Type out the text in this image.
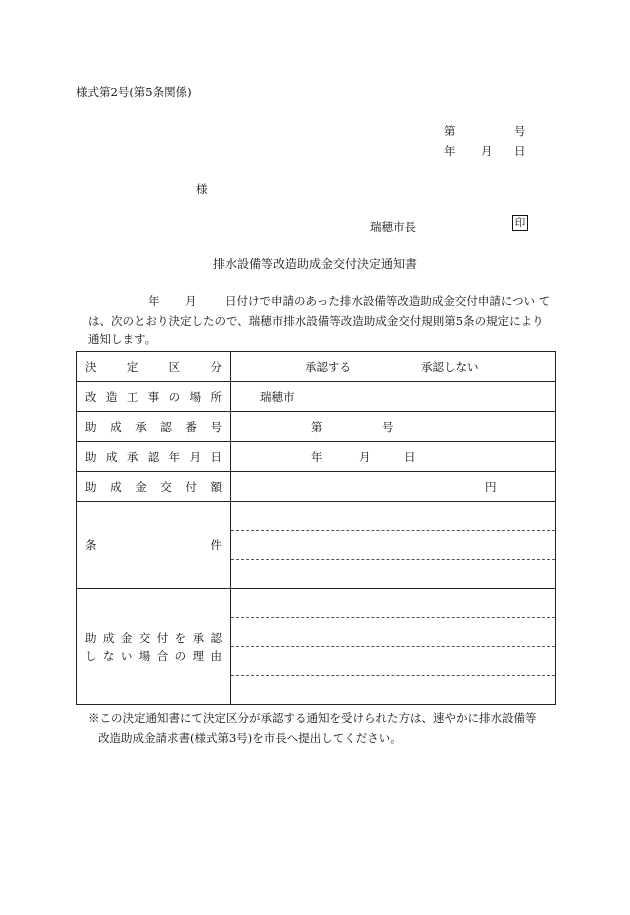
様式第2号(第5条関係)
第	号
年 月 日
様
瑞穂市長	印
排水設備等改造助成金交付決定通知書
年 月 日付けで申請のあった排水設備等改造助成金交付申請につい て
は、次のとおり決定したので、瑞穂市排水設備等改造助成金交付規則第5条の規定により
通知します。
決定区分	承認する 承認しない

改造工事の場所	瑞穂市

助成承認番号	第 号

助成承認年月日	年 月 日

助成金交付額	円

条 件	

助成金交付を承認
しない場合の理由	

※この決定通知書にて決定区分が承認する通知を受けられた方は、速やかに排水設備等
改造助成金請求書(様式第3号)を市長へ提出してください。
